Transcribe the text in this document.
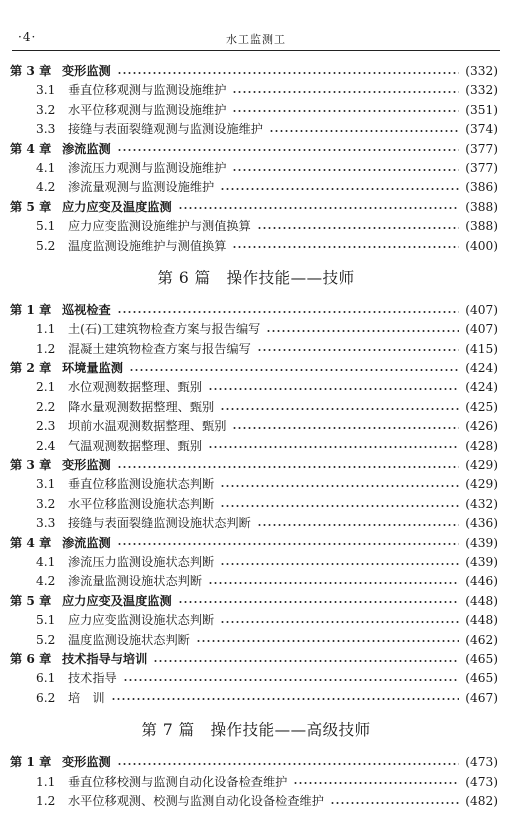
·4·	水工监测工
第 3 章 变形监测	(332)
3.1	垂直位移观测与监测设施维护	(332)
3.2	水平位移观测与监测设施维护	(351)
3.3	接缝与表面裂缝观测与监测设施维护	(374)
第 4 章 渗流监测	(377)
4.1	渗流压力观测与监测设施维护	(377)
4.2	渗流量观测与监测设施维护	(386)
第 5 章 应力应变及温度监测	(388)
5.1	应力应变监测设施维护与测值换算	(388)
5.2	温度监测设施维护与测值换算	(400)
第 6 篇　操作技能——技师
第 1 章 巡视检查	(407)
1.1	土(石)工建筑物检查方案与报告编写	(407)
1.2	混凝土建筑物检查方案与报告编写	(415)
第 2 章 环境量监测	(424)
2.1	水位观测数据整理、甄别	(424)
2.2	降水量观测数据整理、甄别	(425)
2.3	坝前水温观测数据整理、甄别	(426)
2.4	气温观测数据整理、甄别	(428)
第 3 章 变形监测	(429)
3.1	垂直位移监测设施状态判断	(429)
3.2	水平位移监测设施状态判断	(432)
3.3	接缝与表面裂缝监测设施状态判断	(436)
第 4 章 渗流监测	(439)
4.1	渗流压力监测设施状态判断	(439)
4.2	渗流量监测设施状态判断	(446)
第 5 章 应力应变及温度监测	(448)
5.1	应力应变监测设施状态判断	(448)
5.2	温度监测设施状态判断	(462)
第 6 章 技术指导与培训	(465)
6.1	技术指导	(465)
6.2	培　训	(467)
第 7 篇　操作技能——高级技师
第 1 章 变形监测	(473)
1.1	垂直位移校测与监测自动化设备检查维护	(473)
1.2	水平位移观测、校测与监测自动化设备检查维护	(482)
